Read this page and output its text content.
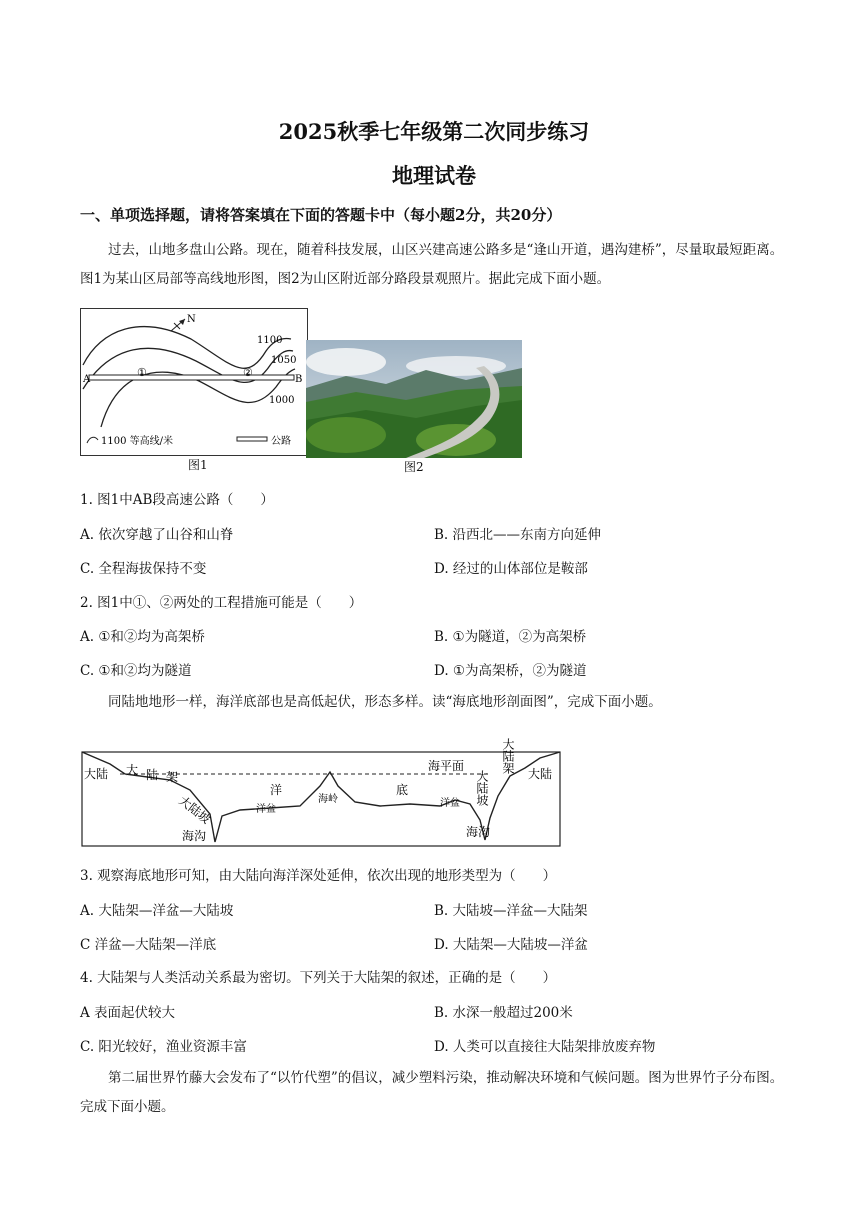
2025秋季七年级第二次同步练习
地理试卷
一、单项选择题，请将答案填在下面的答题卡中（每小题2分，共20分）
过去，山地多盘山公路。现在，随着科技发展，山区兴建高速公路多是“逢山开道，遇沟建桥”，尽量取最短距离。图1为某山区局部等高线地形图，图2为山区附近部分路段景观照片。据此完成下面小题。
N
A	B
①	②
1100
1050
1000
1100 等高线/米	公路
图1	图2
1. 图1中AB段高速公路（　　）
A. 依次穿越了山谷和山脊	B. 沿西北——东南方向延伸
C. 全程海拔保持不变	D. 经过的山体部位是鞍部
2. 图1中①、②两处的工程措施可能是（　　）
A. ①和②均为高架桥	B. ①为隧道，②为高架桥
C. ①和②均为隧道	D. ①为高架桥，②为隧道
同陆地地形一样，海洋底部也是高低起伏，形态多样。读“海底地形剖面图”，完成下面小题。
大陆 大 陆 架
大陆坡
洋
洋盆
海岭
底
洋盆
海平面	大陆架
大陆坡	大陆
海沟	海沟
3. 观察海底地形可知，由大陆向海洋深处延伸，依次出现的地形类型为（　　）
A. 大陆架—洋盆—大陆坡	B. 大陆坡—洋盆—大陆架
C 洋盆—大陆架—洋底	D. 大陆架—大陆坡—洋盆
4. 大陆架与人类活动关系最为密切。下列关于大陆架的叙述，正确的是（　　）
A 表面起伏较大	B. 水深一般超过200米
C. 阳光较好，渔业资源丰富	D. 人类可以直接往大陆架排放废弃物
第二届世界竹藤大会发布了“以竹代塑”的倡议，减少塑料污染，推动解决环境和气候问题。图为世界竹子分布图。完成下面小题。
